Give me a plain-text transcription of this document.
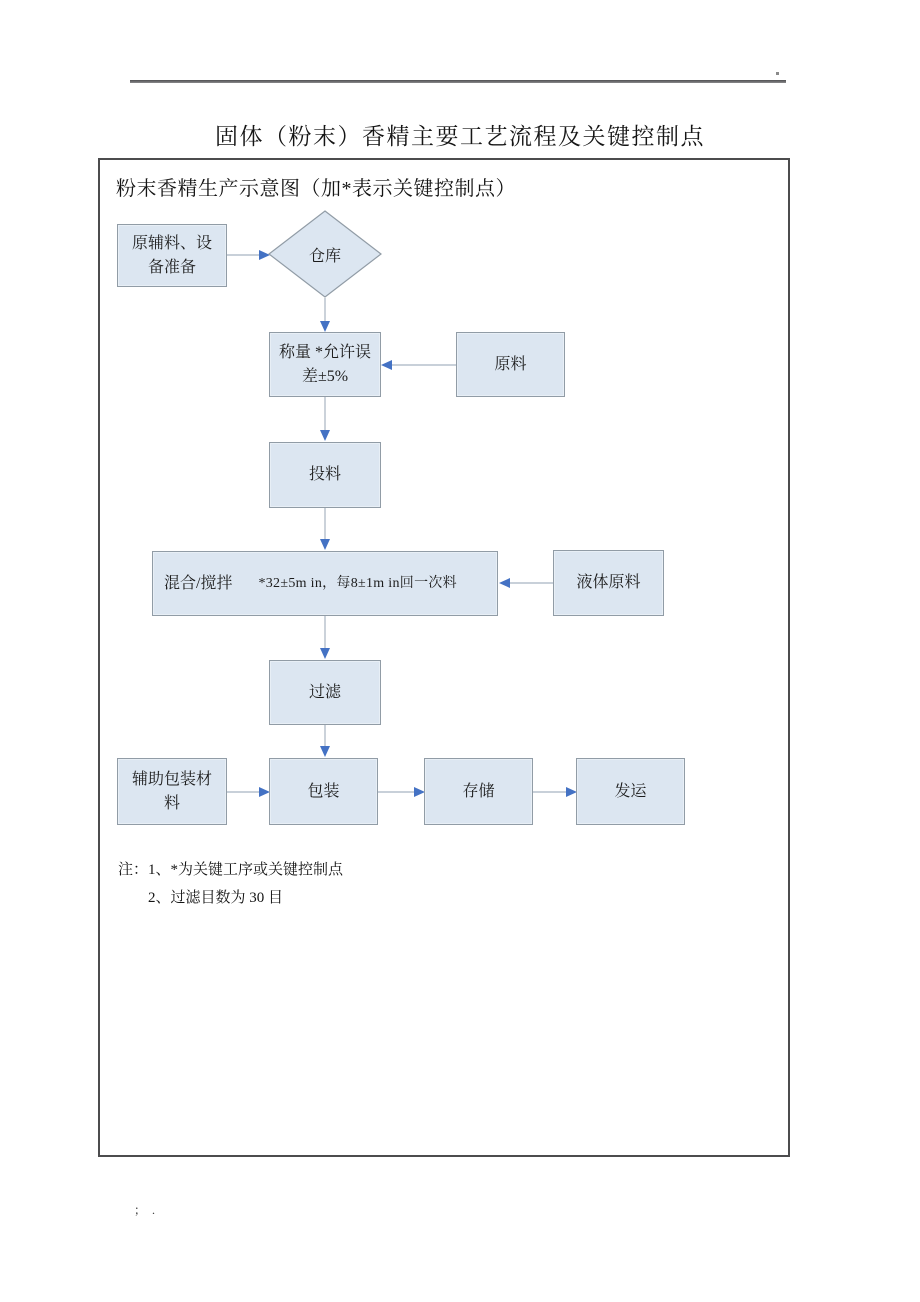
；.
固体（粉末）香精主要工艺流程及关键控制点
粉末香精生产示意图（加*表示关键控制点）
原辅料、设备准备
仓库
称量 *允许误差±5%
原料
投料
混合/搅拌 *32±5m in，每8±1m in回一次料	液体原料
过滤
辅助包装材料
包装	存储	发运
注：1、*为关键工序或关键控制点
2、过滤目数为 30 目
